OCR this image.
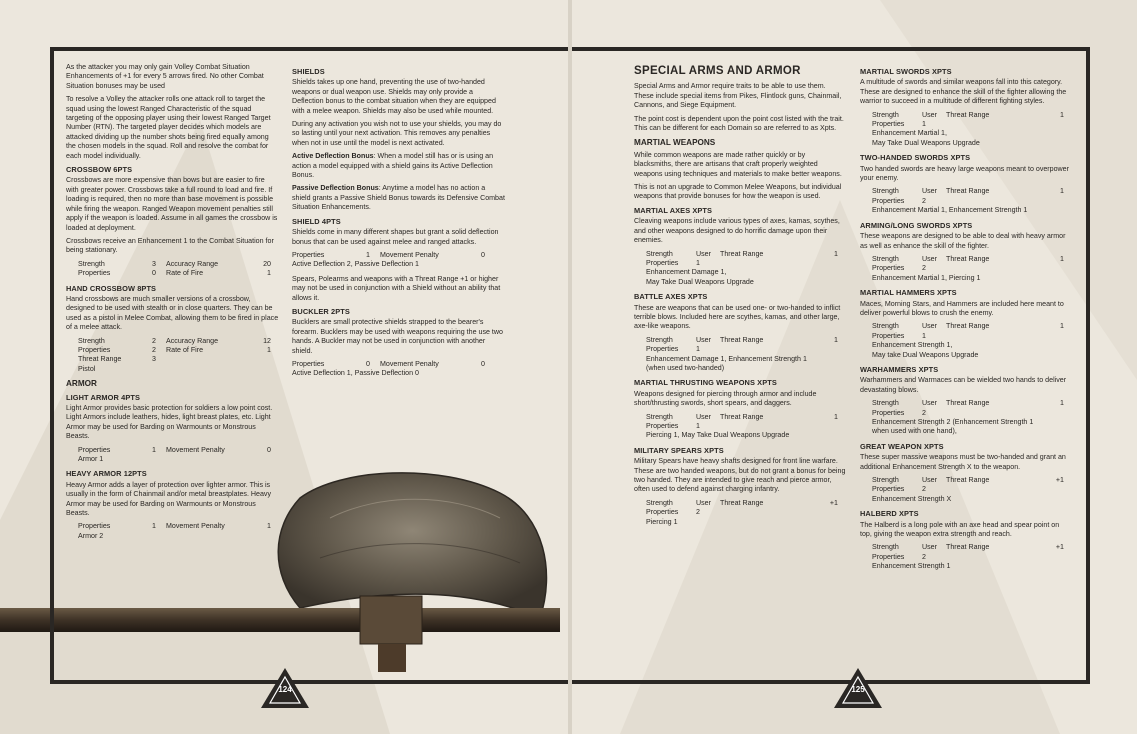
As the attacker you may only gain Volley Combat Situation Enhancements of +1 for every 5 arrows fired. No other Combat Situation bonuses may be used

To resolve a Volley the attacker rolls one attack roll to target the squad using the lowest Ranged Characteristic of the squad targeting of the opposing player using their lowest Ranged Target Number (RTN). The targeted player decides which models are attacked dividing up the number shots being fired equally among the chosen models in the squad. Roll and resolve the combat for each model individually.

CROSSBOW 6PTS

Crossbows are more expensive than bows but are easier to fire with greater power. Crossbows take a full round to load and fire. If loading is required, then no more than base movement is possible while firing the weapon. Ranged Weapon movement penalties still apply if the weapon is loaded. Assume in all games the crossbow is loaded at deployment.

Crossbows receive an Enhancement 1 to the Combat Situation for being stationary.

Strength	3	Accuracy Range	20
Properties	0	Rate of Fire	1
HAND CROSSBOW 8PTS

Hand crossbows are much smaller versions of a crossbow, designed to be used with stealth or in close quarters. They can be used as a pistol in Melee Combat, allowing them to be fired in place of a melee attack.

Strength	2	Accuracy Range	12
Properties	2	Rate of Fire	1
Threat Range	3
Pistol
ARMOR
LIGHT ARMOR 4PTS

Light Armor provides basic protection for soldiers a low point cost. Light Armors include leathers, hides, light breast plates, etc. Light Armor may be used for Barding on Warmounts or Monstrous Beasts.

Properties	1	Movement Penalty	0
Armor 1
HEAVY ARMOR 12PTS

Heavy Armor adds a layer of protection over lighter armor. This is usually in the form of Chainmail and/or metal breastplates. Heavy Armor may be used for Barding on Warmounts or Monstrous Beasts.

Properties	1	Movement Penalty	1
Armor 2
SHIELDS

Shields takes up one hand, preventing the use of two-handed weapons or dual weapon use. Shields may only provide a Deflection bonus to the combat situation when they are equipped with a melee weapon. Shields may also be used while mounted.

During any activation you wish not to use your shields, you may do so lasting until your next activation. This removes any penalties when not in use until the model is next activated.

Active Deflection Bonus: When a model still has or is using an action a model equipped with a shield gains its Active Deflection Bonus.

Passive Deflection Bonus: Anytime a model has no action a shield grants a Passive Shield Bonus towards its Defensive Combat Situation Enhancements.

SHIELD 4PTS

Shields come in many different shapes but grant a solid deflection bonus that can be used against melee and ranged attacks.

Properties	1	Movement Penalty	0
Active Deflection 2, Passive Deflection 1

Spears, Polearms and weapons with a Threat Range +1 or higher may not be used in conjunction with a Shield without an ability that allows it.

BUCKLER 2PTS

Bucklers are small protective shields strapped to the bearer's forearm. Bucklers may be used with weapons requiring the use two hands. A Buckler may not be used in conjunction with another shield.

Properties	0	Movement Penalty	0
Active Deflection 1, Passive Deflection 0
SPECIAL ARMS AND ARMOR

Special Arms and Armor require traits to be able to use them. These include special items from Pikes, Flintlock guns, Chainmail, Cannons, and Siege Equipment.

The point cost is dependent upon the point cost listed with the trait. This can be different for each Domain so are referred to as Xpts.

MARTIAL WEAPONS

While common weapons are made rather quickly or by blacksmiths, there are artisans that craft properly weighted weapons using techniques and materials to make better weapons.

This is not an upgrade to Common Melee Weapons, but individual weapons that provide bonuses for how the weapon is used.

MARTIAL AXES XPTS

Cleaving weapons include various types of axes, kamas, scythes, and other weapons designed to do horrific damage upon their enemies.

Strength	User	Threat Range	1
Properties	1
Enhancement Damage 1,
May Take Dual Weapons Upgrade
BATTLE AXES XPTS

These are weapons that can be used one- or two-handed to inflict terrible blows. Included here are scythes, kamas, and other large, axe-like weapons.

Strength	User	Threat Range	1
Properties	1
Enhancement Damage 1, Enhancement Strength 1
(when used two-handed)
MARTIAL THRUSTING WEAPONS XPTS

Weapons designed for piercing through armor and include short/thrusting swords, short spears, and daggers.

Strength	User	Threat Range	1
Properties	1
Piercing 1, May Take Dual Weapons Upgrade
MILITARY SPEARS XPTS

Military Spears have heavy shafts designed for front line warfare. These are two handed weapons, but do not grant a bonus for being two handed. They are intended to give reach and pierce armor, often used to defend against charging infantry.

Strength	User	Threat Range	+1
Properties	2
Piercing 1
MARTIAL SWORDS XPTS

A multitude of swords and similar weapons fall into this category. These are designed to enhance the skill of the fighter allowing the warrior to succeed in a multitude of different fighting styles.

Strength	User	Threat Range	1
Properties	1
Enhancement Martial 1,
May Take Dual Weapons Upgrade
TWO-HANDED SWORDS XPTS

Two handed swords are heavy large weapons meant to overpower your enemy.

Strength	User	Threat Range	1
Properties	2
Enhancement Martial 1, Enhancement Strength 1
ARMING/LONG SWORDS XPTS

These weapons are designed to be able to deal with heavy armor as well as enhance the skill of the fighter.

Strength	User	Threat Range	1
Properties	2
Enhancement Martial 1, Piercing 1
MARTIAL HAMMERS XPTS

Maces, Morning Stars, and Hammers are included here meant to deliver powerful blows to crush the enemy.

Strength	User	Threat Range	1
Properties	1
Enhancement Strength 1,
May take Dual Weapons Upgrade
WARHAMMERS XPTS

Warhammers and Warmaces can be wielded two hands to deliver devastating blows.

Strength	User	Threat Range	1
Properties	2
Enhancement Strength 2 (Enhancement Strength 1
when used with one hand),
GREAT WEAPON XPTS

These super massive weapons must be two-handed and grant an additional Enhancement Strength X to the weapon.

Strength	User	Threat Range	+1
Properties	2
Enhancement Strength X
HALBERD XPTS

The Halberd is a long pole with an axe head and spear point on top, giving the weapon extra strength and reach.

Strength	User	Threat Range	+1
Properties	2
Enhancement Strength 1
124	125
